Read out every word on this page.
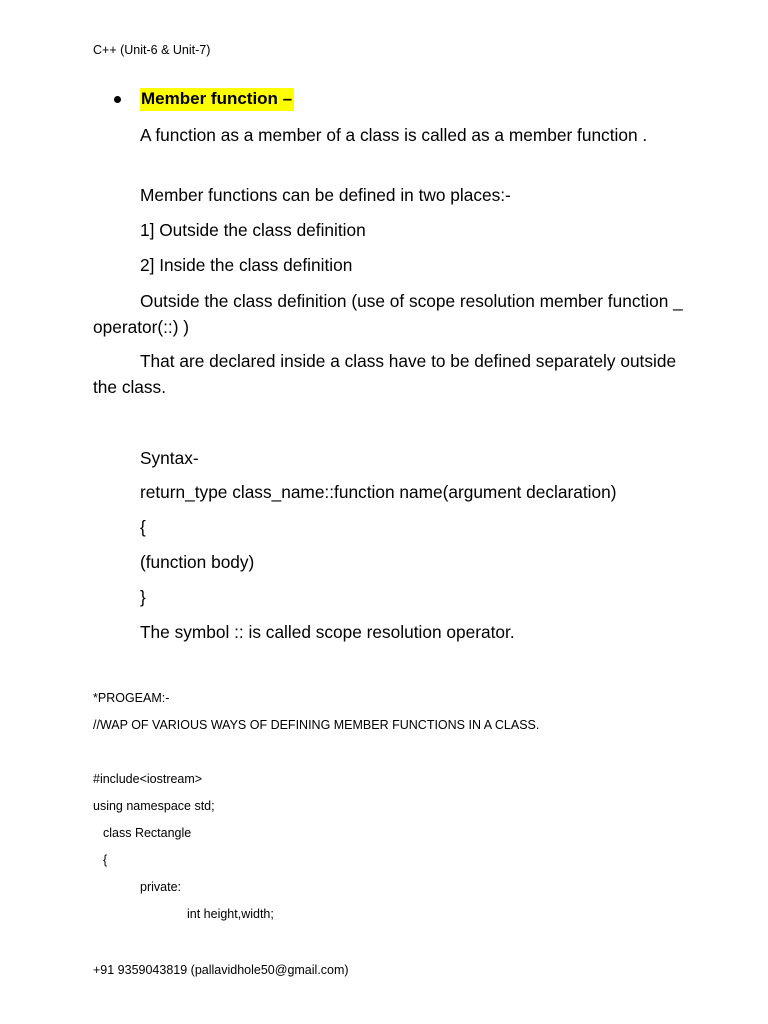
C++ (Unit-6 & Unit-7)
Member function –
A function as a member of a class is called as a member function .
Member functions can be defined in two places:-
1] Outside the class definition
2] Inside the class definition
Outside the class definition (use of scope resolution member function _ operator(::) )
That are declared inside a class have to be defined separately outside the class.
Syntax-
return_type class_name::function name(argument declaration)
{
(function body)
}
The symbol :: is called scope resolution operator.
*PROGEAM:-
//WAP OF VARIOUS WAYS OF DEFINING MEMBER FUNCTIONS IN A CLASS.
#include<iostream>
using namespace std;
class Rectangle
{
private:
int height,width;
+91 9359043819 (pallavidhole50@gmail.com)
